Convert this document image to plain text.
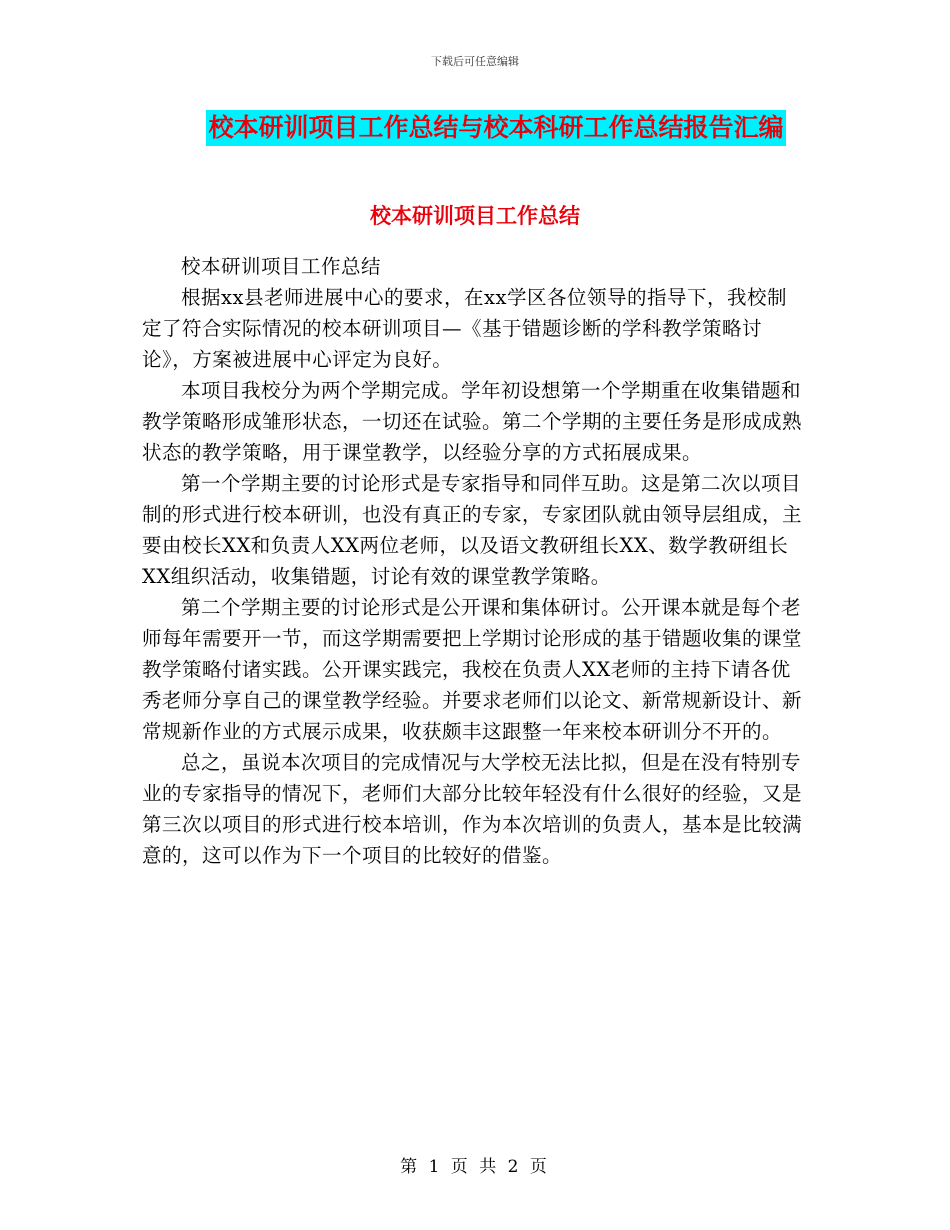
下载后可任意编辑
校本研训项目工作总结与校本科研工作总结报告汇编
校本研训项目工作总结

校本研训项目工作总结

根据xx县老师进展中心的要求，在xx学区各位领导的指导下，我校制定了符合实际情况的校本研训项目—《基于错题诊断的学科教学策略讨论》，方案被进展中心评定为良好。

本项目我校分为两个学期完成。学年初设想第一个学期重在收集错题和教学策略形成雏形状态，一切还在试验。第二个学期的主要任务是形成成熟状态的教学策略，用于课堂教学，以经验分享的方式拓展成果。

第一个学期主要的讨论形式是专家指导和同伴互助。这是第二次以项目制的形式进行校本研训，也没有真正的专家，专家团队就由领导层组成，主要由校长XX和负责人XX两位老师，以及语文教研组长XX、数学教研组长XX组织活动，收集错题，讨论有效的课堂教学策略。

第二个学期主要的讨论形式是公开课和集体研讨。公开课本就是每个老师每年需要开一节，而这学期需要把上学期讨论形成的基于错题收集的课堂教学策略付诸实践。公开课实践完，我校在负责人XX老师的主持下请各优秀老师分享自己的课堂教学经验。并要求老师们以论文、新常规新设计、新常规新作业的方式展示成果，收获颇丰这跟整一年来校本研训分不开的。

总之，虽说本次项目的完成情况与大学校无法比拟，但是在没有特别专业的专家指导的情况下，老师们大部分比较年轻没有什么很好的经验，又是第三次以项目的形式进行校本培训，作为本次培训的负责人，基本是比较满意的，这可以作为下一个项目的比较好的借鉴。

第 1 页 共 2 页
